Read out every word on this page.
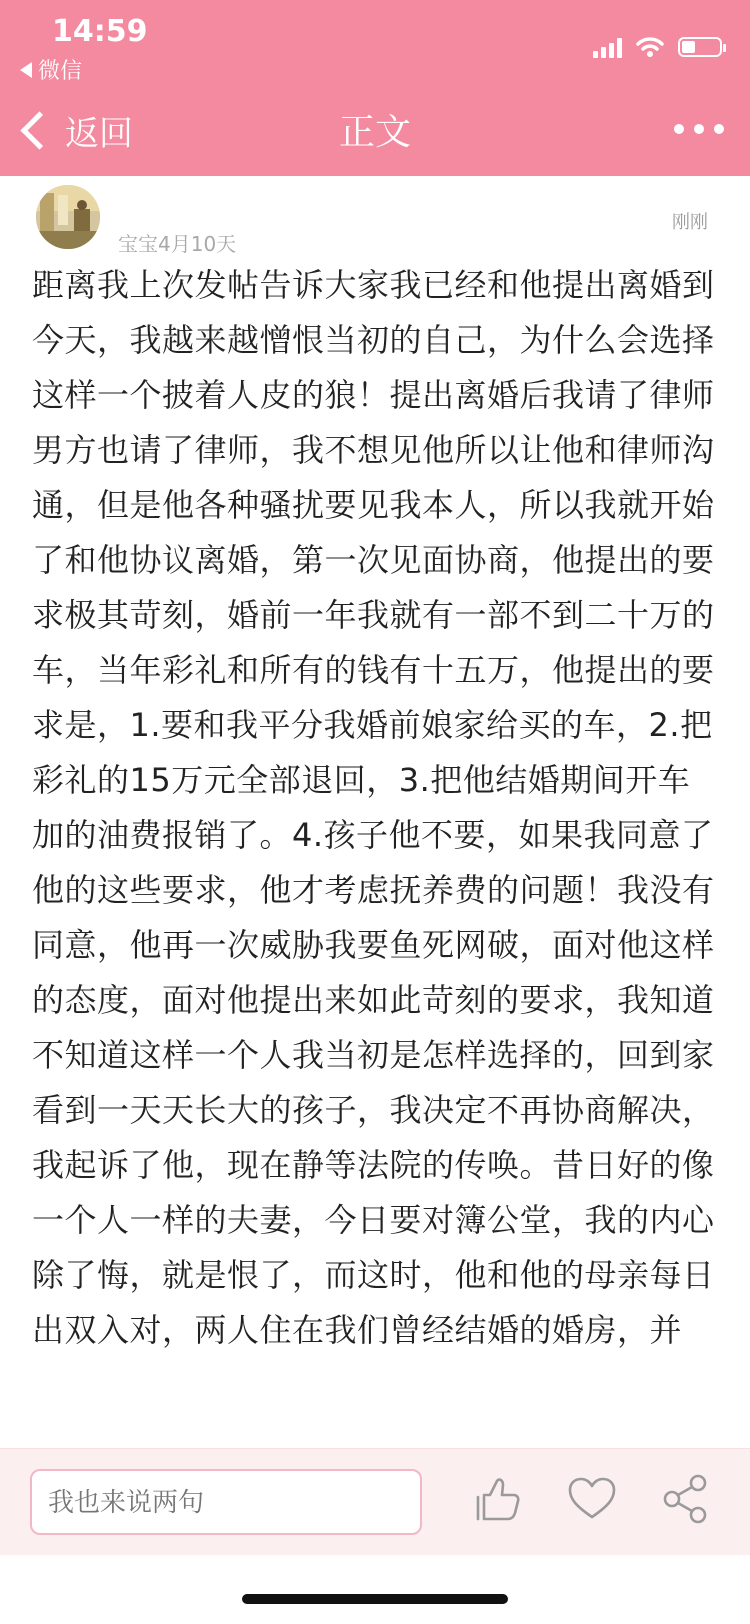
14:59
微信
返回	正文
刚刚
宝宝4月10天
距离我上次发帖告诉大家我已经和他提出离婚到今天，我越来越憎恨当初的自己，为什么会选择这样一个披着人皮的狼！提出离婚后我请了律师男方也请了律师，我不想见他所以让他和律师沟通，但是他各种骚扰要见我本人，所以我就开始了和他协议离婚，第一次见面协商，他提出的要求极其苛刻，婚前一年我就有一部不到二十万的车，当年彩礼和所有的钱有十五万，他提出的要求是，1.要和我平分我婚前娘家给买的车，2.把彩礼的15万元全部退回，3.把他结婚期间开车加的油费报销了。4.孩子他不要，如果我同意了他的这些要求，他才考虑抚养费的问题！我没有同意，他再一次威胁我要鱼死网破，面对他这样的态度，面对他提出来如此苛刻的要求，我知道不知道这样一个人我当初是怎样选择的，回到家看到一天天长大的孩子，我决定不再协商解决，我起诉了他，现在静等法院的传唤。昔日好的像一个人一样的夫妻，今日要对簿公堂，我的内心除了悔，就是恨了，而这时，他和他的母亲每日出双入对，两人住在我们曾经结婚的婚房，并
我也来说两句
